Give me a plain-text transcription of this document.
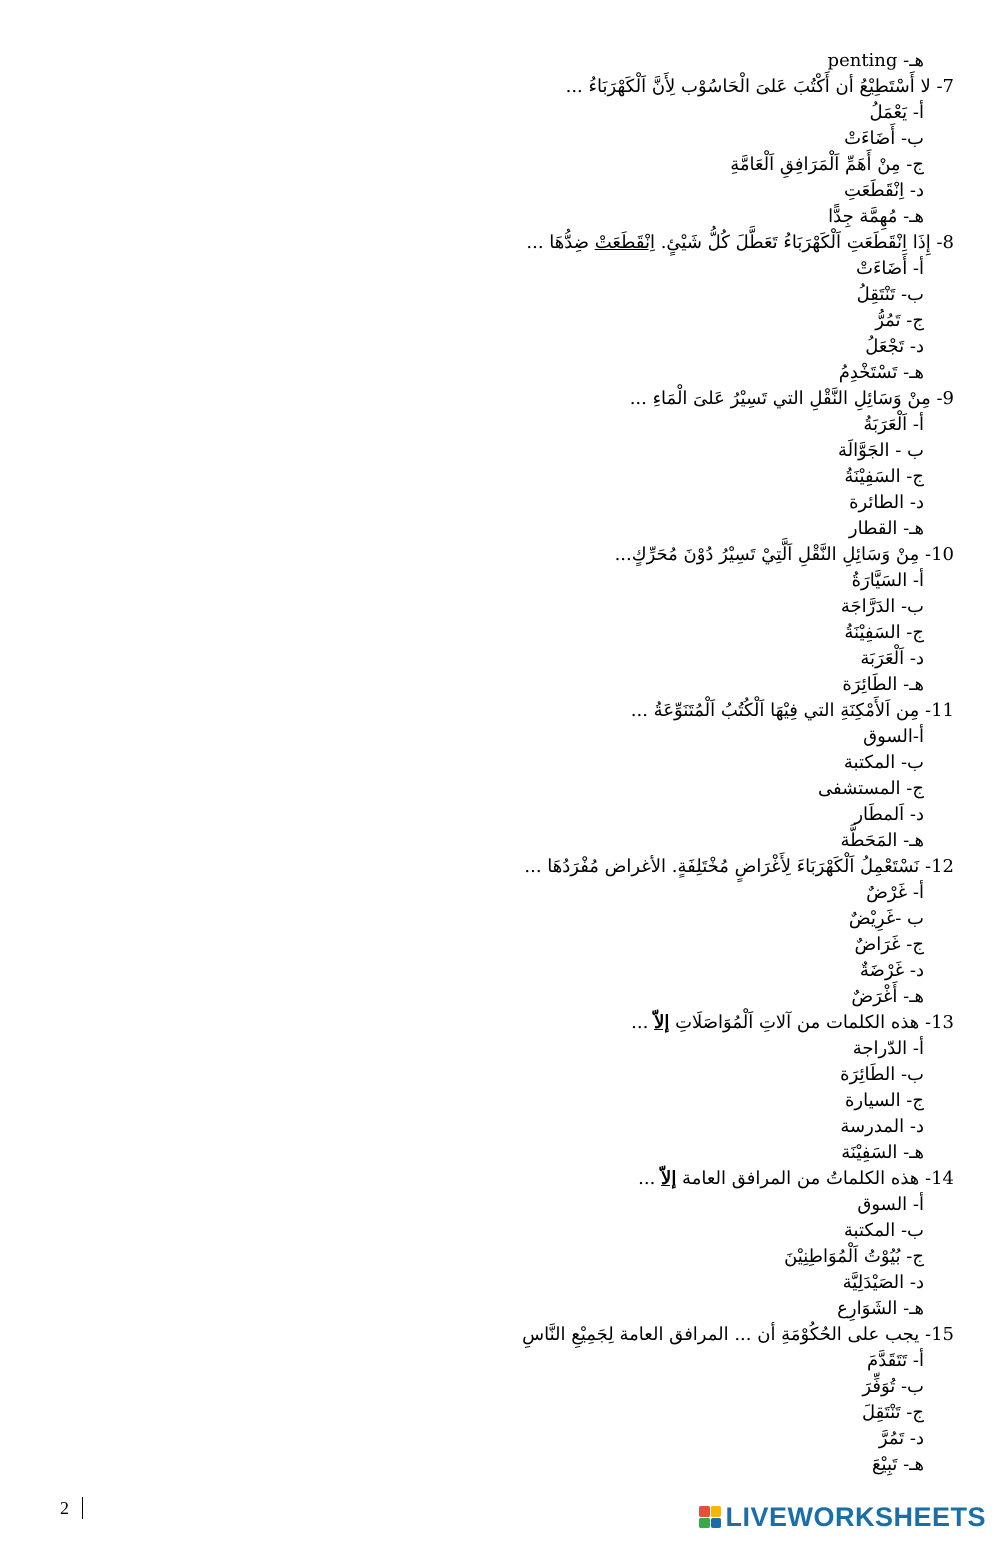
هـ- penting
7- لا أَسْتَطِيْعُ أن أَكْتُبَ عَلىَ الْحَاسُوْب لِأَنَّ اَلْكَهْرَبَاءُ ...
أ- يَعْمَلُ
ب- أَضَاءَتْ
ج- مِنْ أَهَمِّ اَلْمَرَافِقِ اَلْعَامَّةِ
د- اِنْقَطَعَتِ
هـ- مُهِمَّة جِدًّا
8- إِذَا اِنْقَطَعَتِ اَلْكَهْرَبَاءُ تَعَطَّلَ كُلُّ شَيْئٍ. اِنْقَطَعَتْ ضِدُّهَا ...
أ- أَضَاءَتْ
ب- تَنْتَقِلُ
ج- تَمُرُّ
د- تَجْعَلُ
هـ- تَسْتَخْدِمُ
9- مِنْ وَسَائِلِ النَّقْلِ التي تَسِيْرُ عَلىَ الْمَاءِ ...
أ- اَلْعَرَبَةُ
ب - الجَوَّالَة
ج- السَفِيْنَةُ
د- الطائرة
هـ- القطار
10- مِنْ وَسَائِلِ النَّقْلِ اَلَّتِيْ تَسِيْرُ دُوْنَ مُحَرِّكٍ...
أ- السَيَّارَةُ
ب- الدَرَّاجَة
ج- السَفِيْنَةُ
د- اَلْعَرَبَة
هـ- الطَائِرَة
11- مِن اَلأَمْكِنَةِ التي فِيْهَا اَلْكُتُبُ اَلْمُتَنَوِّعَةُ ...
أ-السوق
ب- المكتبة
ج- المستشفى
د- اَلمطَار
هـ- المَحَطَّة
12- نَسْتَعْمِلُ اَلْكَهْرَبَاءَ لِأَغْرَاضٍ مُخْتَلِفَةٍ. الأغراض مُفْرَدُهَا ...
أ- غَرْضٌ
ب -غَرِيْضٌ
ج- غَرَاضٌ
د- غَرْضَةٌ
هـ- أَغْرَضٌ
13- هذه الكلمات من آلاتِ اَلْمُوَاصَلَاتِ إلاّ ...
أ- الدّراجة
ب- الطَائِرَة
ج- السيارة
د- المدرسة
هـ- السَفِيْنَة
14- هذه الكلماتُ من المرافق العامة إلاّ ...
أ- السوق
ب- المكتبة
ج- بُيُوْتُ اَلْمُوَاطِنِيْنَ
د- الصَيْدَلِيَّة
هـ- الشَوَارِع
15- يجب على الحُكُوْمَةِ أن ... المرافق العامة لِجَمِيْعِ النَّاسِ
أ- تَتَقَدَّمَ
ب- تُوَفِّرَ
ج- تَنْتَقِلَ
د- تَمُرَّ
هـ- تَبِيْعَ
2	LIVEWORKSHEETS
